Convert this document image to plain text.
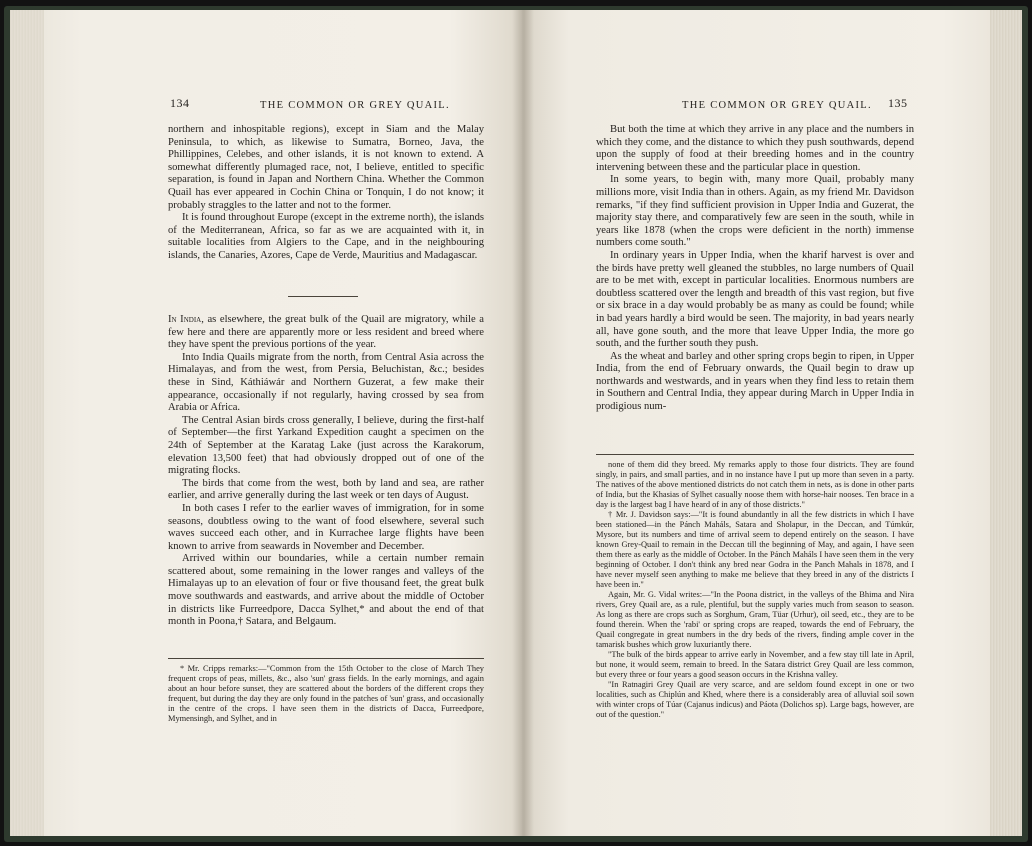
134	THE COMMON OR GREY QUAIL.

northern and inhospitable regions), except in Siam and the Malay Peninsula, to which, as likewise to Sumatra, Borneo, Java, the Phillippines, Celebes, and other islands, it is not known to extend. A somewhat differently plumaged race, not, I believe, entitled to specific separation, is found in Japan and Northern China. Whether the Common Quail has ever appeared in Cochin China or Tonquin, I do not know; it probably straggles to the latter and not to the former.

It is found throughout Europe (except in the extreme north), the islands of the Mediterranean, Africa, so far as we are acquainted with it, in suitable localities from Algiers to the Cape, and in the neighbouring islands, the Canaries, Azores, Cape de Verde, Mauritius and Madagascar.

In India, as elsewhere, the great bulk of the Quail are migratory, while a few here and there are apparently more or less resident and breed where they have spent the previous portions of the year.

Into India Quails migrate from the north, from Central Asia across the Himalayas, and from the west, from Persia, Beluchistan, &c.; besides these in Sind, Káthiáwár and Northern Guzerat, a few make their appearance, occasionally if not regularly, having crossed by sea from Arabia or Africa.

The Central Asian birds cross generally, I believe, during the first-half of September—the first Yarkand Expedition caught a specimen on the 24th of September at the Karatag Lake (just across the Karakorum, elevation 13,500 feet) that had obviously dropped out of one of the migrating flocks.

The birds that come from the west, both by land and sea, are rather earlier, and arrive generally during the last week or ten days of August.

In both cases I refer to the earlier waves of immigration, for in some seasons, doubtless owing to the want of food elsewhere, several such waves succeed each other, and in Kurrachee large flights have been known to arrive from seawards in November and December.

Arrived within our boundaries, while a certain number remain scattered about, some remaining in the lower ranges and valleys of the Himalayas up to an elevation of four or five thousand feet, the great bulk move southwards and eastwards, and arrive about the middle of October in districts like Furreedpore, Dacca Sylhet,* and about the end of that month in Poona,† Satara, and Belgaum.

* Mr. Cripps remarks:—"Common from the 15th October to the close of March They frequent crops of peas, millets, &c., also 'sun' grass fields. In the early mornings, and again about an hour before sunset, they are scattered about the borders of the different crops they frequent, but during the day they are only found in the patches of 'sun' grass, and occasionally in the centre of the crops. I have seen them in the districts of Dacca, Furreedpore, Mymensingh, and Sylhet, and in

THE COMMON OR GREY QUAIL. 135

But both the time at which they arrive in any place and the numbers in which they come, and the distance to which they push southwards, depend upon the supply of food at their breeding homes and in the country intervening between these and the particular place in question.

In some years, to begin with, many more Quail, probably many millions more, visit India than in others. Again, as my friend Mr. Davidson remarks, "if they find sufficient provision in Upper India and Guzerat, the majority stay there, and comparatively few are seen in the south, while in years like 1878 (when the crops were deficient in the north) immense numbers come south."

In ordinary years in Upper India, when the kharif harvest is over and the birds have pretty well gleaned the stubbles, no large numbers of Quail are to be met with, except in particular localities. Enormous numbers are doubtless scattered over the length and breadth of this vast region, but five or six brace in a day would probably be as many as could be found; while in bad years hardly a bird would be seen. The majority, in bad years nearly all, have gone south, and the more that leave Upper India, the more go south, and the further south they push.

As the wheat and barley and other spring crops begin to ripen, in Upper India, from the end of February onwards, the Quail begin to draw up northwards and westwards, and in years when they find less to retain them in Southern and Central India, they appear during March in Upper India in prodigious num-

none of them did they breed. My remarks apply to those four districts. They are found singly, in pairs, and small parties, and in no instance have I put up more than seven in a party. The natives of the above mentioned districts do not catch them in nets, as is done in other parts of India, but the Khasias of Sylhet casually noose them with horse-hair nooses. Ten brace in a day is the largest bag I have heard of in any of those districts."

† Mr. J. Davidson says:—"It is found abundantly in all the few districts in which I have been stationed—in the Pánch Maháls, Satara and Sholapur, in the Deccan, and Túmkúr, Mysore, but its numbers and time of arrival seem to depend entirely on the season. I have known Grey-Quail to remain in the Deccan till the beginning of May, and again, I have seen them there as early as the middle of October. In the Pánch Maháls I have seen them in the very beginning of October. I don't think any bred near Godra in the Panch Mahals in 1878, and I have never myself seen anything to make me believe that they breed in any of the districts I have been in."

Again, Mr. G. Vidal writes:—"In the Poona district, in the valleys of the Bhima and Nira rivers, Grey Quail are, as a rule, plentiful, but the supply varies much from season to season. As long as there are crops such as Sorghum, Gram, Tüar (Urhur), oil seed, etc., they are to be found therein. When the 'rabi' or spring crops are reaped, towards the end of February, the Quail congregate in great numbers in the dry beds of the rivers, finding ample cover in the tamarisk bushes which grow luxuriantly there.

"The bulk of the birds appear to arrive early in November, and a few stay till late in April, but none, it would seem, remain to breed. In the Satara district Grey Quail are less common, but every three or four years a good season occurs in the Krishna valley.

"In Ratnagiri Grey Quail are very scarce, and are seldom found except in one or two localities, such as Chiplún and Khed, where there is a considerably area of alluvial soil sown with winter crops of Túar (Cajanus indicus) and Páota (Dolichos sp). Large bags, however, are out of the question."
